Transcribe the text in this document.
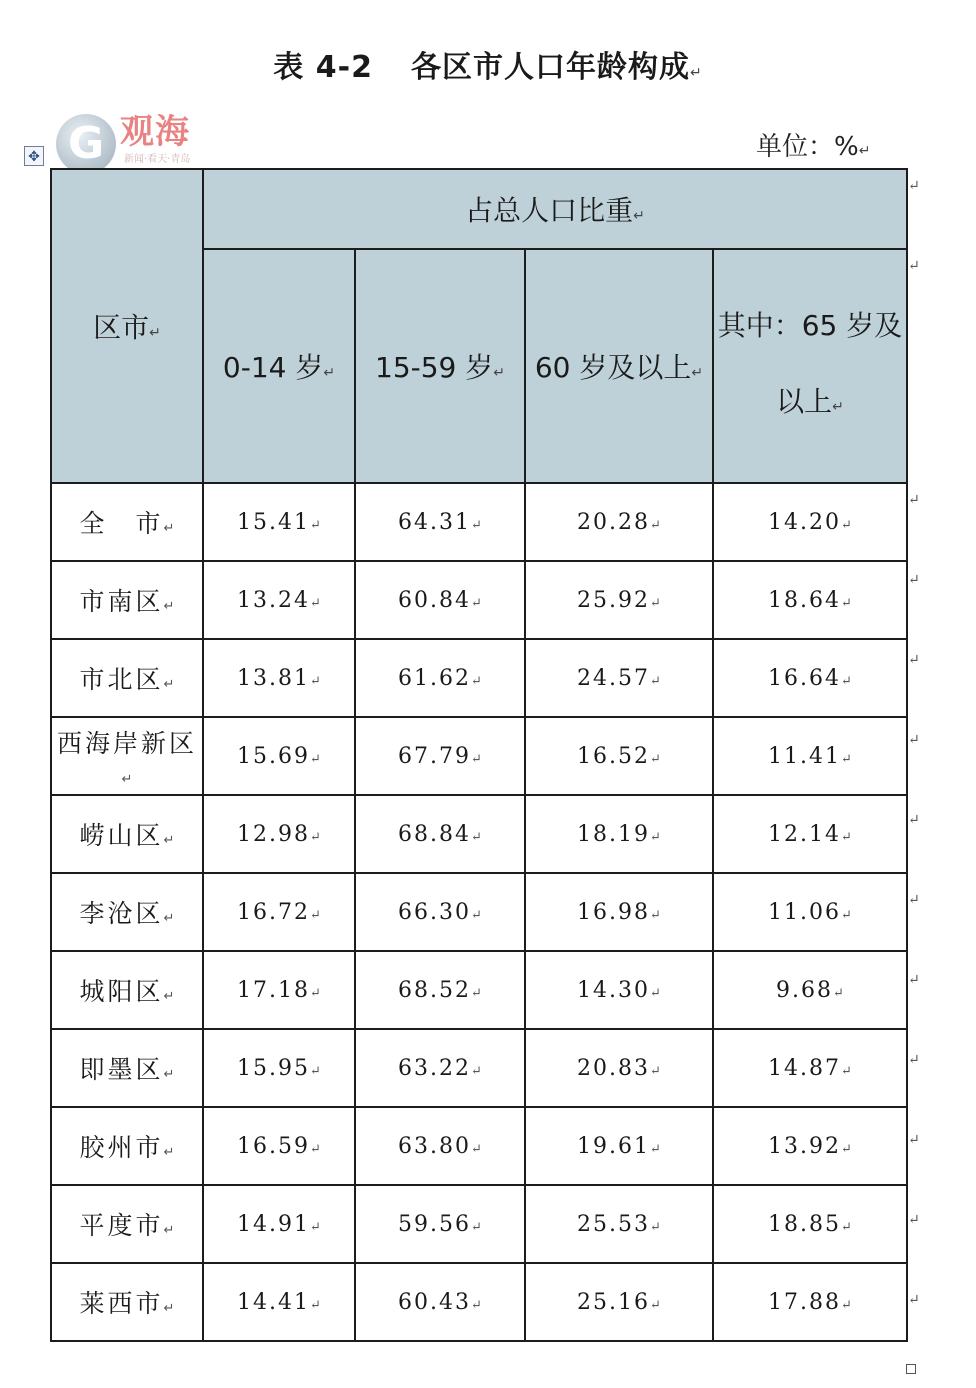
表 4-2 各区市人口年龄构成↵
G 观海
新闻·看天·青岛	单位：%↵
✥
区市↵	占总人口比重↵			
	0-14 岁↵	15-59 岁↵	60 岁及以上↵	其中：65 岁及以上↵
全　市↵	15.41↵	64.31↵	20.28↵	14.20↵
市南区↵	13.24↵	60.84↵	25.92↵	18.64↵
市北区↵	13.81↵	61.62↵	24.57↵	16.64↵
西海岸新区↵	15.69↵	67.79↵	16.52↵	11.41↵
崂山区↵	12.98↵	68.84↵	18.19↵	12.14↵
李沧区↵	16.72↵	66.30↵	16.98↵	11.06↵
城阳区↵	17.18↵	68.52↵	14.30↵	9.68↵
即墨区↵	15.95↵	63.22↵	20.83↵	14.87↵
胶州市↵	16.59↵	63.80↵	19.61↵	13.92↵
平度市↵	14.91↵	59.56↵	25.53↵	18.85↵
莱西市↵	14.41↵	60.43↵	25.16↵	17.88↵
↵
↵
↵
↵
↵
↵
↵
↵
↵
↵
↵
↵
↵
